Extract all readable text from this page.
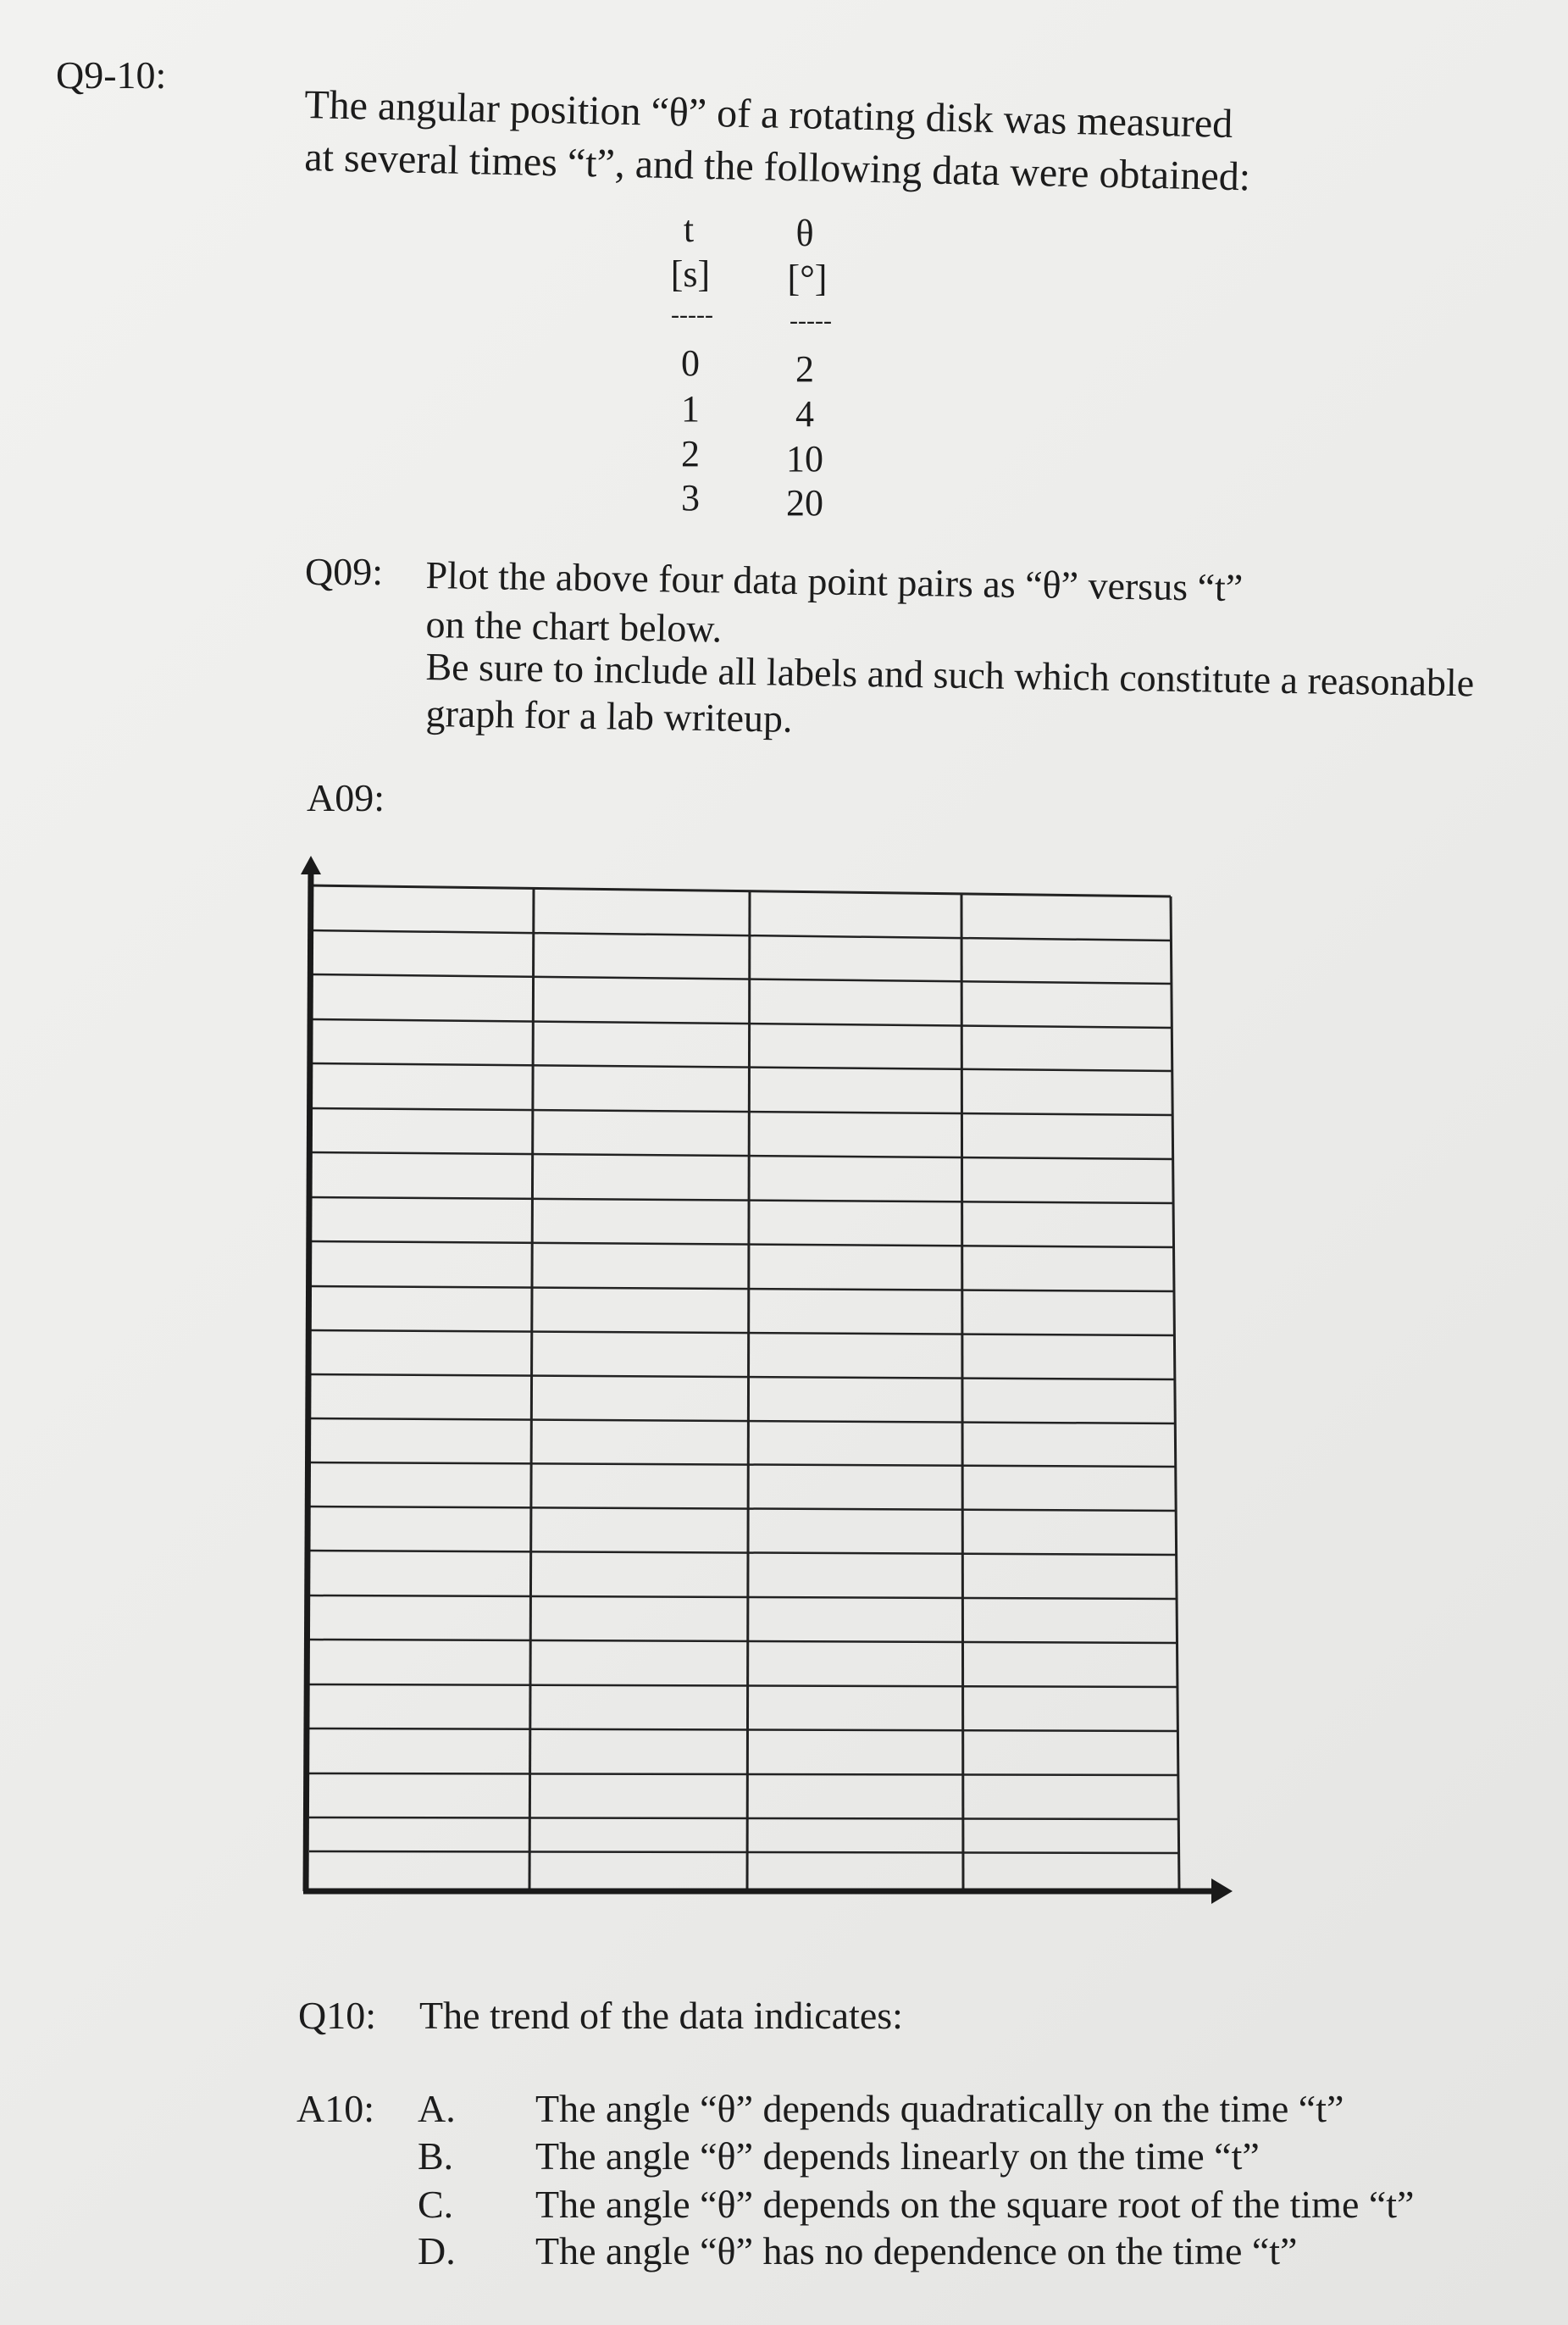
Q9-10:
The angular position “θ” of a rotating disk was measured
at several times “t”, and the following data were obtained:
t	θ
[s]	[°]
-----	-----
0	2
1	4
2	10
3	20
Q09: Plot the above four data point pairs as “θ” versus “t”
on the chart below.
Be sure to include all labels and such which constitute a reasonable
graph for a lab writeup.
A09:
Q10: The trend of the data indicates:
A10: A. The angle “θ” depends quadratically on the time “t”
B. The angle “θ” depends linearly on the time “t”
C. The angle “θ” depends on the square root of the time “t”
D. The angle “θ” has no dependence on the time “t”
